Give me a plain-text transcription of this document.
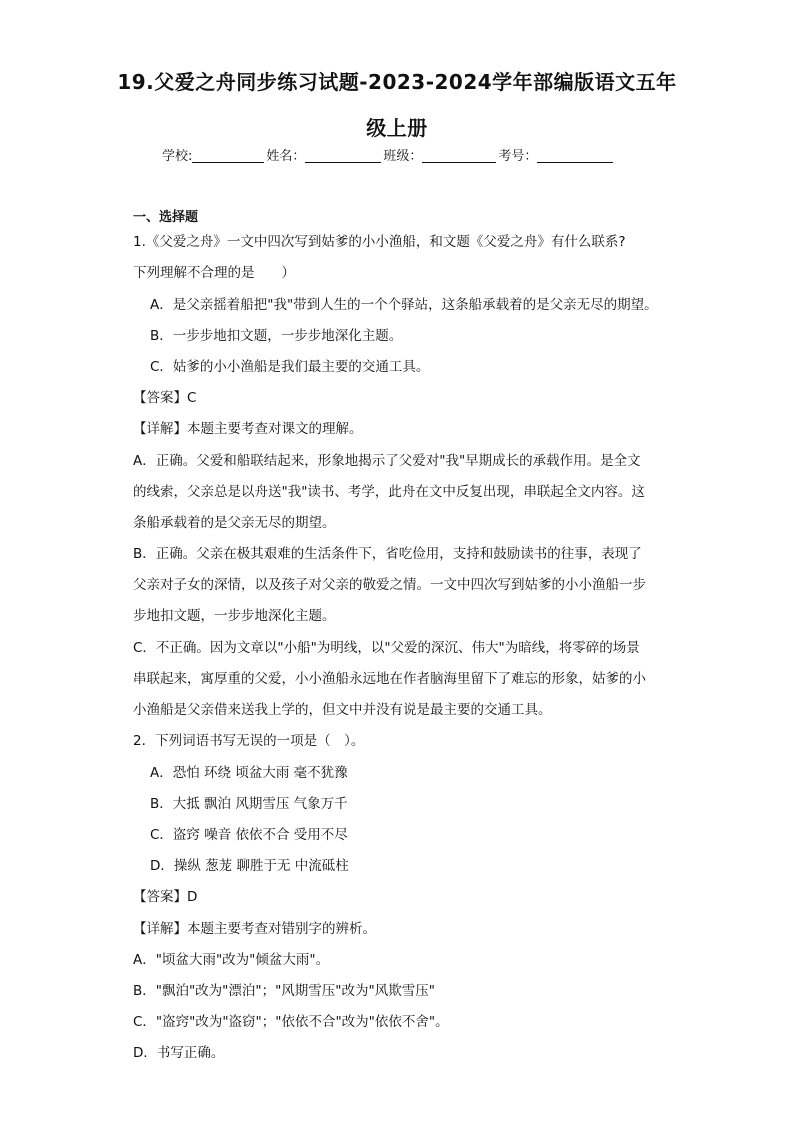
19.父爱之舟同步练习试题-2023-2024学年部编版语文五年
级上册
学校:	姓名：	班级：	考号：
一、选择题
1.《父爱之舟》一文中四次写到姑爹的小小渔船，和文题《父爱之舟》有什么联系?
下列理解不合理的是　　）
A．是父亲摇着船把"我"带到人生的一个个驿站，这条船承载着的是父亲无尽的期望。
B．一步步地扣文题，一步步地深化主题。
C．姑爹的小小渔船是我们最主要的交通工具。
【答案】C
【详解】本题主要考查对课文的理解。
A．正确。父爱和船联结起来，形象地揭示了父爱对"我"早期成长的承载作用。是全文
的线索，父亲总是以舟送"我"读书、考学，此舟在文中反复出现，串联起全文内容。这
条船承载着的是父亲无尽的期望。
B．正确。父亲在极其艰难的生活条件下，省吃俭用，支持和鼓励读书的往事，表现了
父亲对子女的深情，以及孩子对父亲的敬爱之情。一文中四次写到姑爹的小小渔船一步
步地扣文题，一步步地深化主题。
C．不正确。因为文章以"小船"为明线，以"父爱的深沉、伟大"为暗线，将零碎的场景
串联起来，寓厚重的父爱，小小渔船永远地在作者脑海里留下了难忘的形象，姑爹的小
小渔船是父亲借来送我上学的，但文中并没有说是最主要的交通工具。
2．下列词语书写无误的一项是（　）。
A．恐怕 环绕 顷盆大雨 毫不犹豫
B．大抵 飘泊 风期雪压 气象万千
C．盗窍 噪音 依依不合 受用不尽
D．操纵 葱茏 聊胜于无 中流砥柱
【答案】D
【详解】本题主要考查对错别字的辨析。
A．"顷盆大雨"改为"倾盆大雨"。
B．"飘泊"改为"漂泊"；"风期雪压"改为"风欺雪压"
C．"盗窍"改为"盗窃"；"依依不合"改为"依依不舍"。
D．书写正确。
